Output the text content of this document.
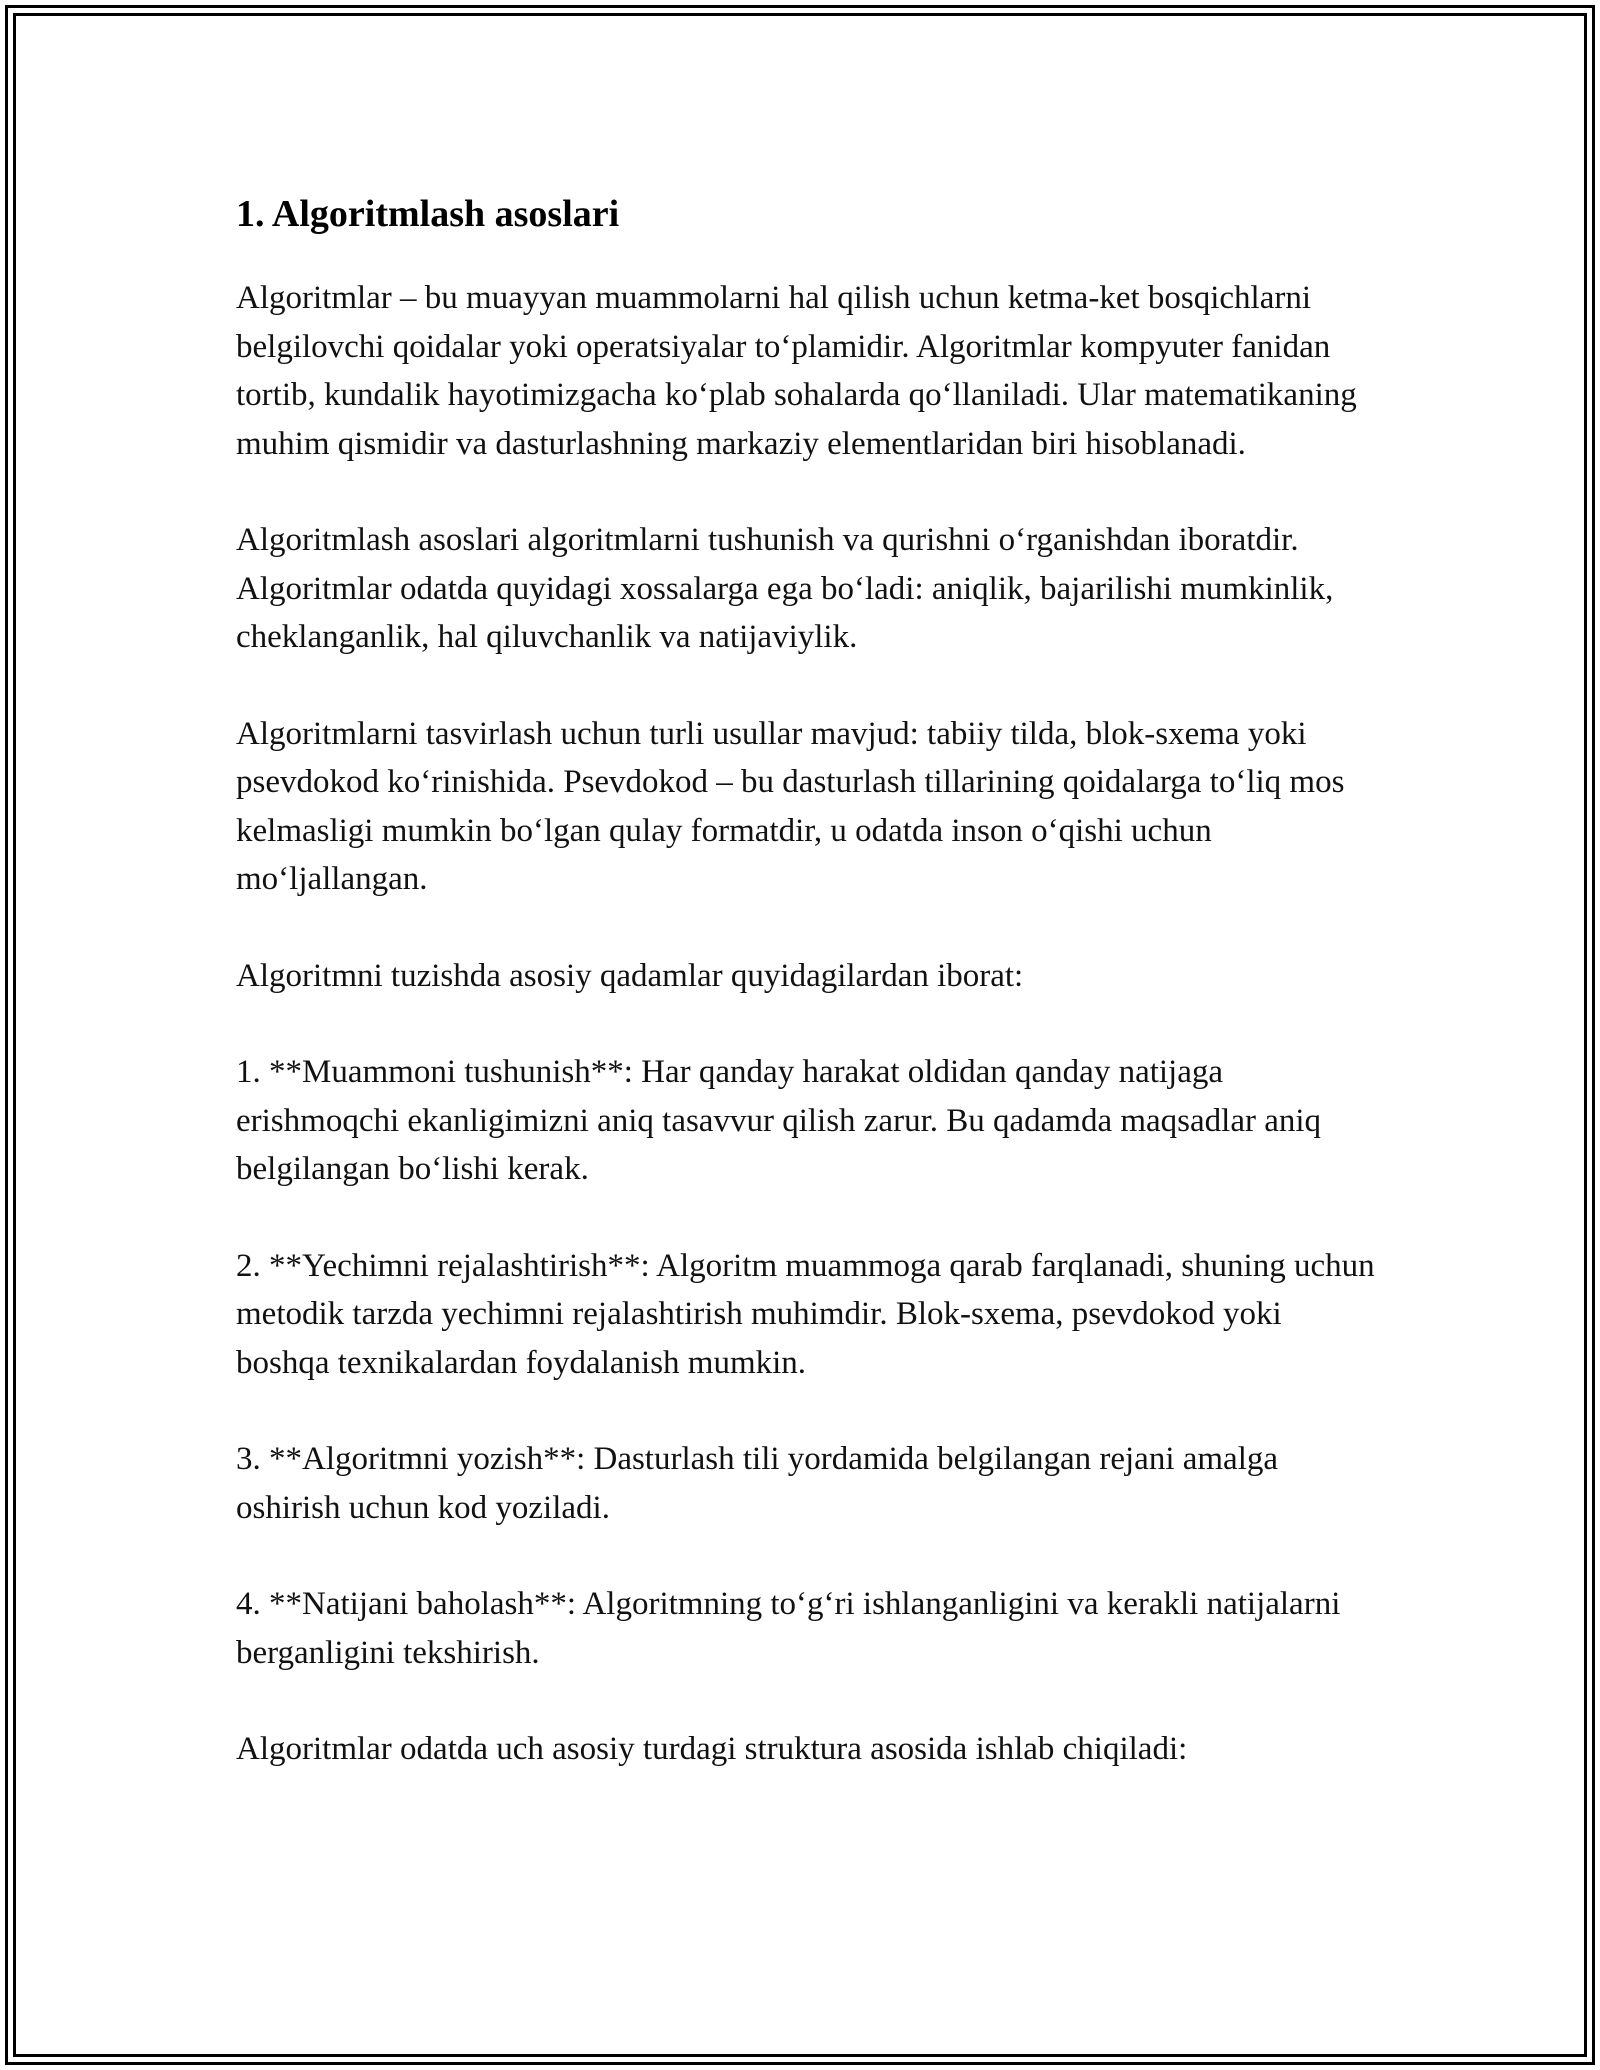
1. Algoritmlash asoslari

Algoritmlar – bu muayyan muammolarni hal qilish uchun ketma-ket bosqichlarni belgilovchi qoidalar yoki operatsiyalar to‘plamidir. Algoritmlar kompyuter fanidan tortib, kundalik hayotimizgacha ko‘plab sohalarda qo‘llaniladi. Ular matematikaning muhim qismidir va dasturlashning markaziy elementlaridan biri hisoblanadi.

Algoritmlash asoslari algoritmlarni tushunish va qurishni o‘rganishdan iboratdir. Algoritmlar odatda quyidagi xossalarga ega bo‘ladi: aniqlik, bajarilishi mumkinlik, cheklanganlik, hal qiluvchanlik va natijaviylik.

Algoritmlarni tasvirlash uchun turli usullar mavjud: tabiiy tilda, blok-sxema yoki psevdokod ko‘rinishida. Psevdokod – bu dasturlash tillarining qoidalarga to‘liq mos kelmasligi mumkin bo‘lgan qulay formatdir, u odatda inson o‘qishi uchun mo‘ljallangan.

Algoritmni tuzishda asosiy qadamlar quyidagilardan iborat:

1. **Muammoni tushunish**: Har qanday harakat oldidan qanday natijaga erishmoqchi ekanligimizni aniq tasavvur qilish zarur. Bu qadamda maqsadlar aniq belgilangan bo‘lishi kerak.

2. **Yechimni rejalashtirish**: Algoritm muammoga qarab farqlanadi, shuning uchun metodik tarzda yechimni rejalashtirish muhimdir. Blok-sxema, psevdokod yoki boshqa texnikalardan foydalanish mumkin.

3. **Algoritmni yozish**: Dasturlash tili yordamida belgilangan rejani amalga oshirish uchun kod yoziladi.

4. **Natijani baholash**: Algoritmning to‘g‘ri ishlanganligini va kerakli natijalarni berganligini tekshirish.

Algoritmlar odatda uch asosiy turdagi struktura asosida ishlab chiqiladi:
